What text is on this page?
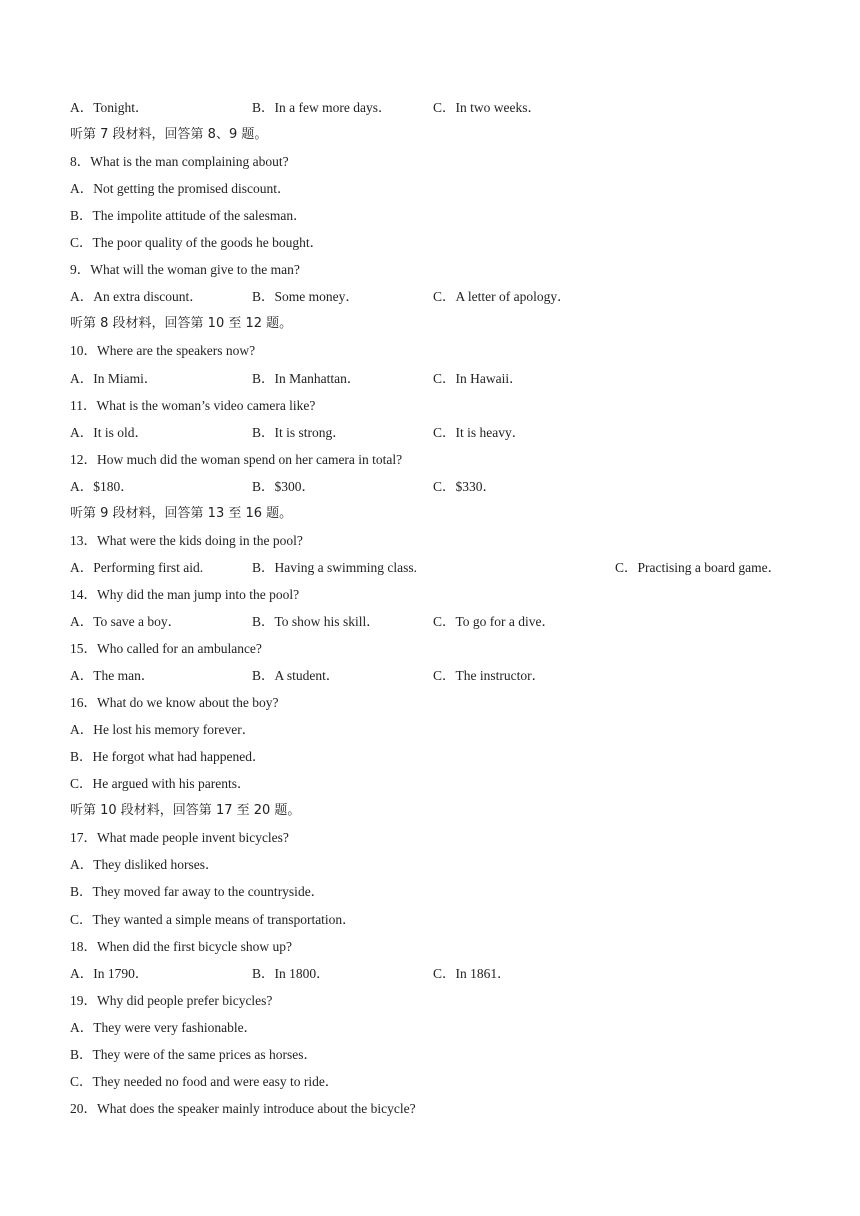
A．Tonight．	B．In a few more days．	C．In two weeks．
听第 7 段材料，回答第 8、9 题。
8．What is the man complaining about?
A．Not getting the promised discount．
B．The impolite attitude of the salesman．
C．The poor quality of the goods he bought．
9．What will the woman give to the man?
A．An extra discount．	B．Some money．	C．A letter of apology．
听第 8 段材料，回答第 10 至 12 题。
10．Where are the speakers now?
A．In Miami．	B．In Manhattan．	C．In Hawaii．
11．What is the woman’s video camera like?
A．It is old．	B．It is strong．	C．It is heavy．
12．How much did the woman spend on her camera in total?
A．$180．	B．$300．	C．$330．
听第 9 段材料，回答第 13 至 16 题。
13．What were the kids doing in the pool?
A．Performing first aid.	B．Having a swimming class.	C．Practising a board game．
14．Why did the man jump into the pool?
A．To save a boy．	B．To show his skill．	C．To go for a dive．
15．Who called for an ambulance?
A．The man．	B．A student．	C．The instructor．
16．What do we know about the boy?
A．He lost his memory forever．
B．He forgot what had happened．
C．He argued with his parents．
听第 10 段材料，回答第 17 至 20 题。
17．What made people invent bicycles?
A．They disliked horses．
B．They moved far away to the countryside．
C．They wanted a simple means of transportation．
18．When did the first bicycle show up?
A．In 1790．	B．In 1800．	C．In 1861．
19．Why did people prefer bicycles?
A．They were very fashionable．
B．They were of the same prices as horses．
C．They needed no food and were easy to ride．
20．What does the speaker mainly introduce about the bicycle?
